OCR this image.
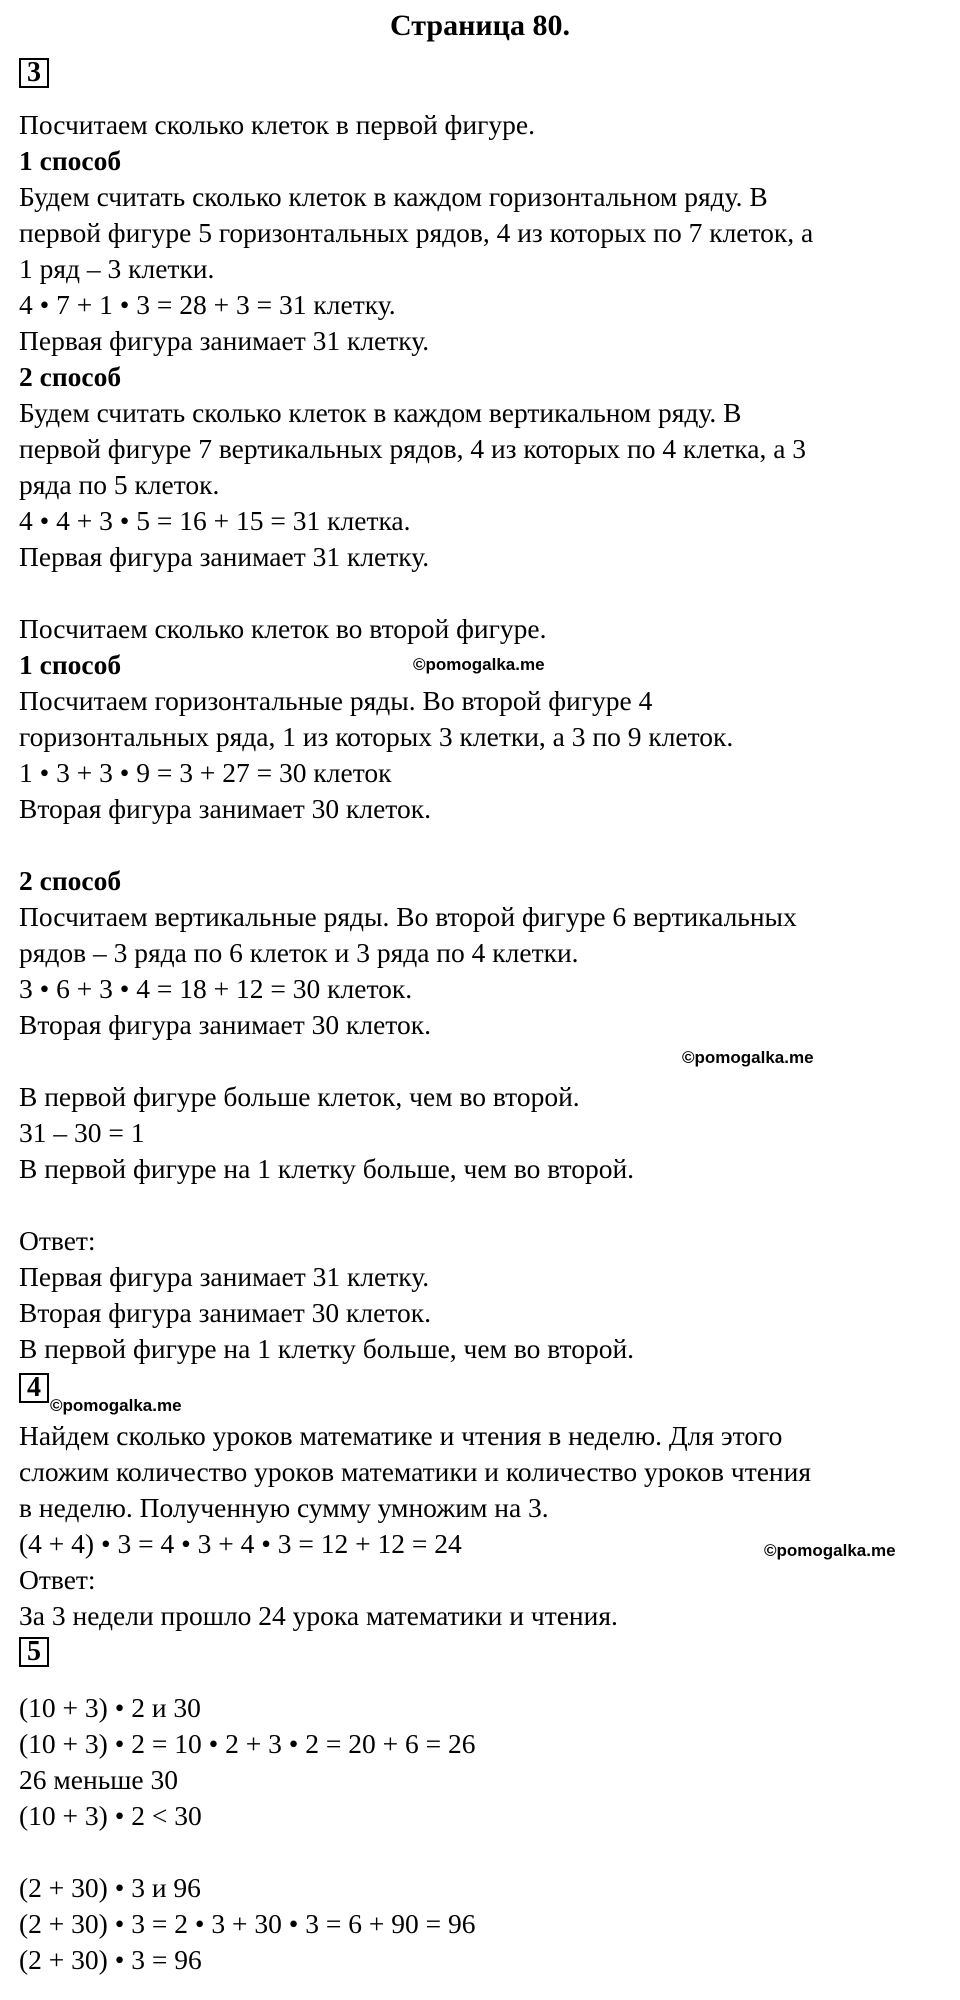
Страница 80.
3
Посчитаем сколько клеток в первой фигуре.
1 способ
Будем считать сколько клеток в каждом горизонтальном ряду. В
первой фигуре 5 горизонтальных рядов, 4 из которых по 7 клеток, а
1 ряд – 3 клетки.
4 • 7 + 1 • 3 = 28 + 3 = 31 клетку.
Первая фигура занимает 31 клетку.
2 способ
Будем считать сколько клеток в каждом вертикальном ряду. В
первой фигуре 7 вертикальных рядов, 4 из которых по 4 клетка, а 3
ряда по 5 клеток.
4 • 4 + 3 • 5 = 16 + 15 = 31 клетка.
Первая фигура занимает 31 клетку.
Посчитаем сколько клеток во второй фигуре.
1 способ	©pomogalka.me
Посчитаем горизонтальные ряды. Во второй фигуре 4
горизонтальных ряда, 1 из которых 3 клетки, а 3 по 9 клеток.
1 • 3 + 3 • 9 = 3 + 27 = 30 клеток
Вторая фигура занимает 30 клеток.
2 способ
Посчитаем вертикальные ряды. Во второй фигуре 6 вертикальных
рядов – 3 ряда по 6 клеток и 3 ряда по 4 клетки.
3 • 6 + 3 • 4 = 18 + 12 = 30 клеток.
Вторая фигура занимает 30 клеток.
©pomogalka.me
В первой фигуре больше клеток, чем во второй.
31 – 30 = 1
В первой фигуре на 1 клетку больше, чем во второй.
Ответ:
Первая фигура занимает 31 клетку.
Вторая фигура занимает 30 клеток.
В первой фигуре на 1 клетку больше, чем во второй.
4
©pomogalka.me
Найдем сколько уроков математике и чтения в неделю. Для этого
сложим количество уроков математики и количество уроков чтения
в неделю. Полученную сумму умножим на 3.
(4 + 4) • 3 = 4 • 3 + 4 • 3 = 12 + 12 = 24	©pomogalka.me
Ответ:
За 3 недели прошло 24 урока математики и чтения.
5
(10 + 3) • 2 и 30
(10 + 3) • 2 = 10 • 2 + 3 • 2 = 20 + 6 = 26
26 меньше 30
(10 + 3) • 2 < 30
(2 + 30) • 3 и 96
(2 + 30) • 3 = 2 • 3 + 30 • 3 = 6 + 90 = 96
(2 + 30) • 3 = 96
